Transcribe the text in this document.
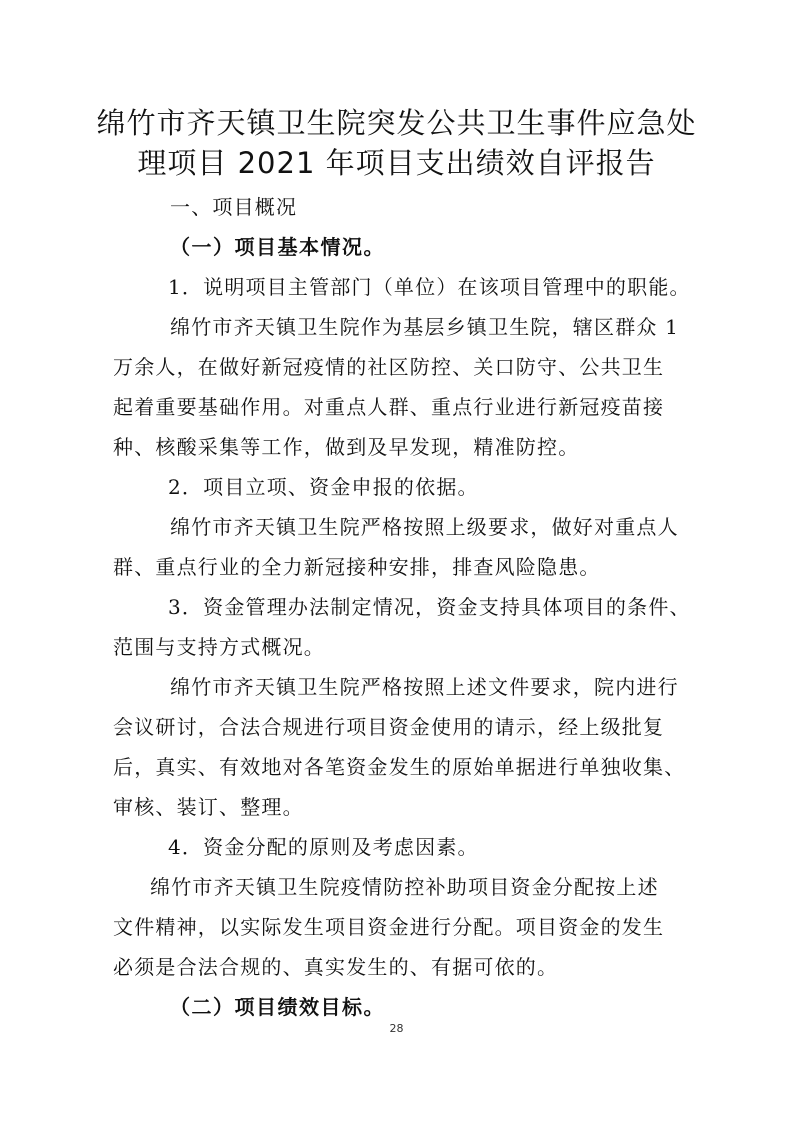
绵竹市齐天镇卫生院突发公共卫生事件应急处
理项目 2021 年项目支出绩效自评报告
一、项目概况
（一）项目基本情况。
1．说明项目主管部门（单位）在该项目管理中的职能。
绵竹市齐天镇卫生院作为基层乡镇卫生院，辖区群众 1
万余人，在做好新冠疫情的社区防控、关口防守、公共卫生
起着重要基础作用。对重点人群、重点行业进行新冠疫苗接
种、核酸采集等工作，做到及早发现，精准防控。
2．项目立项、资金申报的依据。
绵竹市齐天镇卫生院严格按照上级要求，做好对重点人
群、重点行业的全力新冠接种安排，排查风险隐患。
3．资金管理办法制定情况，资金支持具体项目的条件、
范围与支持方式概况。
绵竹市齐天镇卫生院严格按照上述文件要求，院内进行
会议研讨，合法合规进行项目资金使用的请示，经上级批复
后，真实、有效地对各笔资金发生的原始单据进行单独收集、
审核、装订、整理。
4．资金分配的原则及考虑因素。
绵竹市齐天镇卫生院疫情防控补助项目资金分配按上述
文件精神，以实际发生项目资金进行分配。项目资金的发生
必须是合法合规的、真实发生的、有据可依的。
（二）项目绩效目标。
28
